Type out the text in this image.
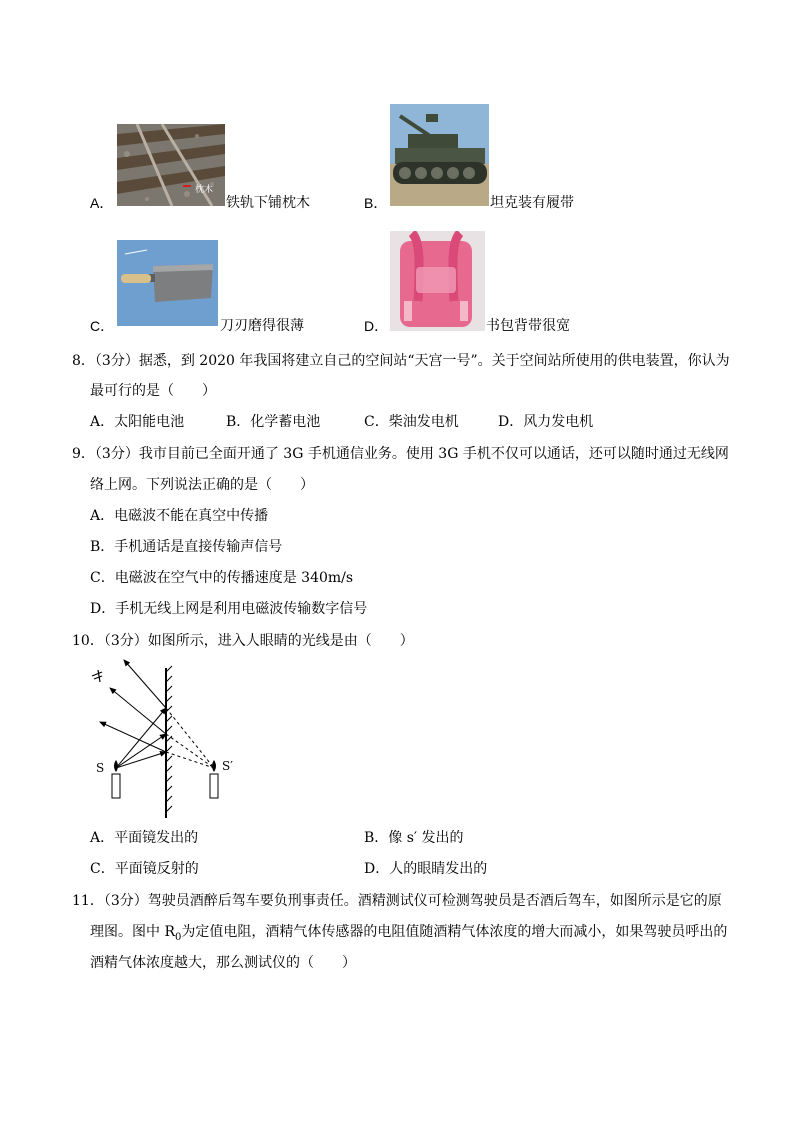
枕木
A．	铁轨下铺枕木	B．	坦克装有履带
C．	刀刃磨得很薄	D．	书包背带很宽
8．（3分）据悉，到 2020 年我国将建立自己的空间站“天宫一号”。关于空间站所使用的供电装置，你认为
最可行的是（　　）
A．太阳能电池	B．化学蓄电池	C．柴油发电机	D．风力发电机
9．（3分）我市目前已全面开通了 3G 手机通信业务。使用 3G 手机不仅可以通话，还可以随时通过无线网
络上网。下列说法正确的是（　　）
A．电磁波不能在真空中传播
B．手机通话是直接传输声信号
C．电磁波在空气中的传播速度是 340m/s
D．手机无线上网是利用电磁波传输数字信号
10．（3分）如图所示，进入人眼睛的光线是由（　　）
S	S′
A．平面镜发出的	B．像 s′ 发出的
C．平面镜反射的	D．人的眼睛发出的
11．（3分）驾驶员酒醉后驾车要负刑事责任。酒精测试仪可检测驾驶员是否酒后驾车，如图所示是它的原
理图。图中 $R_0$为定值电阻，酒精气体传感器的电阻值随酒精气体浓度的增大而减小，如果驾驶员呼出的
酒精气体浓度越大，那么测试仪的（　　）
